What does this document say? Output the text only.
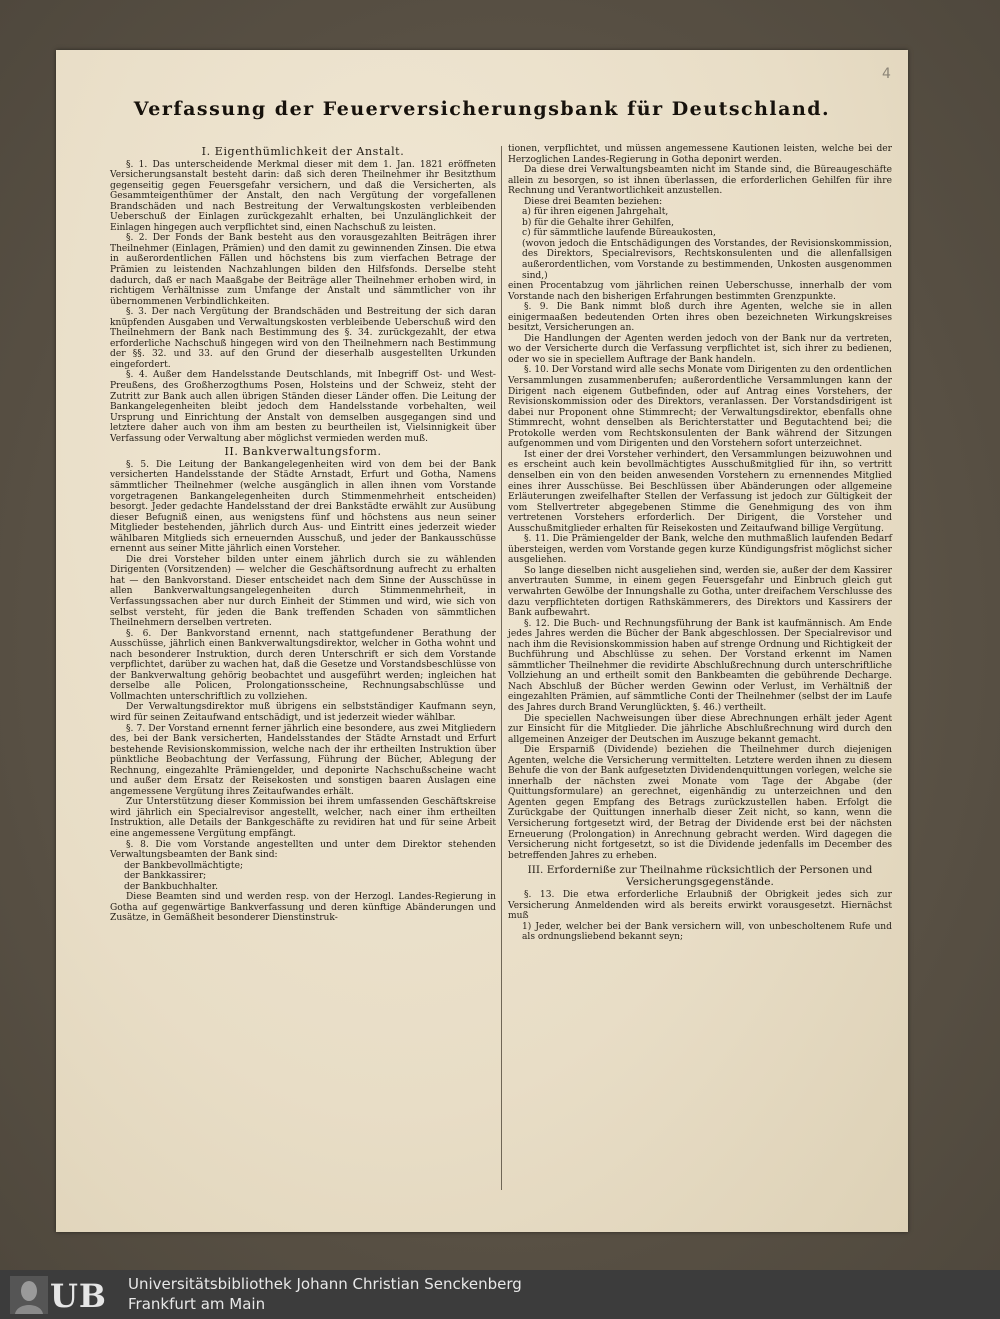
4
Verfassung der Feuerversicherungsbank für Deutschland.
I. Eigenthümlichkeit der Anstalt.
§. 1. Das unterscheidende Merkmal dieser mit dem 1. Jan. 1821 eröffneten Versicherungsanstalt besteht darin: daß sich deren Theilnehmer ihr Besitzthum gegenseitig gegen Feuersgefahr versichern, und daß die Versicherten, als Gesammteigenthümer der Anstalt, den nach Vergütung der vorgefallenen Brandschäden und nach Bestreitung der Verwaltungskosten verbleibenden Ueberschuß der Einlagen zurückgezahlt erhalten, bei Unzulänglichkeit der Einlagen hingegen auch verpflichtet sind, einen Nachschuß zu leisten.
§. 2. Der Fonds der Bank besteht aus den vorausgezahlten Beiträgen ihrer Theilnehmer (Einlagen, Prämien) und den damit zu gewinnenden Zinsen. Die etwa in außerordentlichen Fällen und höchstens bis zum vierfachen Betrage der Prämien zu leistenden Nachzahlungen bilden den Hilfsfonds. Derselbe steht dadurch, daß er nach Maaßgabe der Beiträge aller Theilnehmer erhoben wird, in richtigem Verhältnisse zum Umfange der Anstalt und sämmtlicher von ihr übernommenen Verbindlichkeiten.
§. 3. Der nach Vergütung der Brandschäden und Bestreitung der sich daran knüpfenden Ausgaben und Verwaltungskosten verbleibende Ueberschuß wird den Theilnehmern der Bank nach Bestimmung des §. 34. zurückgezahlt, der etwa erforderliche Nachschuß hingegen wird von den Theilnehmern nach Bestimmung der §§. 32. und 33. auf den Grund der dieserhalb ausgestellten Urkunden eingefordert.
§. 4. Außer dem Handelsstande Deutschlands, mit Inbegriff Ost- und West-Preußens, des Großherzogthums Posen, Holsteins und der Schweiz, steht der Zutritt zur Bank auch allen übrigen Ständen dieser Länder offen. Die Leitung der Bankangelegenheiten bleibt jedoch dem Handelsstande vorbehalten, weil Ursprung und Einrichtung der Anstalt von demselben ausgegangen sind und letztere daher auch von ihm am besten zu beurtheilen ist, Vielsinnigkeit über Verfassung oder Verwaltung aber möglichst vermieden werden muß.
II. Bankverwaltungsform.
§. 5. Die Leitung der Bankangelegenheiten wird von dem bei der Bank versicherten Handelsstande der Städte Arnstadt, Erfurt und Gotha, Namens sämmtlicher Theilnehmer (welche ausgänglich in allen ihnen vom Vorstande vorgetragenen Bankangelegenheiten durch Stimmenmehrheit entscheiden) besorgt. Jeder gedachte Handelsstand der drei Bankstädte erwählt zur Ausübung dieser Befugniß einen, aus wenigstens fünf und höchstens aus neun seiner Mitglieder bestehenden, jährlich durch Aus- und Eintritt eines jederzeit wieder wählbaren Mitglieds sich erneuernden Ausschuß, und jeder der Bankausschüsse ernennt aus seiner Mitte jährlich einen Vorsteher.
Die drei Vorsteher bilden unter einem jährlich durch sie zu wählenden Dirigenten (Vorsitzenden) — welcher die Geschäftsordnung aufrecht zu erhalten hat — den Bankvorstand. Dieser entscheidet nach dem Sinne der Ausschüsse in allen Bankverwaltungsangelegenheiten durch Stimmenmehrheit, in Verfassungssachen aber nur durch Einheit der Stimmen und wird, wie sich von selbst versteht, für jeden die Bank treffenden Schaden von sämmtlichen Theilnehmern derselben vertreten.
§. 6. Der Bankvorstand ernennt, nach stattgefundener Berathung der Ausschüsse, jährlich einen Bankverwaltungsdirektor, welcher in Gotha wohnt und nach besonderer Instruktion, durch deren Unterschrift er sich dem Vorstande verpflichtet, darüber zu wachen hat, daß die Gesetze und Vorstandsbeschlüsse von der Bankverwaltung gehörig beobachtet und ausgeführt werden; ingleichen hat derselbe alle Policen, Prolongationsscheine, Rechnungsabschlüsse und Vollmachten unterschriftlich zu vollziehen.
Der Verwaltungsdirektor muß übrigens ein selbstständiger Kaufmann seyn, wird für seinen Zeitaufwand entschädigt, und ist jederzeit wieder wählbar.
§. 7. Der Vorstand ernennt ferner jährlich eine besondere, aus zwei Mitgliedern des, bei der Bank versicherten, Handelsstandes der Städte Arnstadt und Erfurt bestehende Revisionskommission, welche nach der ihr ertheilten Instruktion über pünktliche Beobachtung der Verfassung, Führung der Bücher, Ablegung der Rechnung, eingezahlte Prämiengelder, und deponirte Nachschußscheine wacht und außer dem Ersatz der Reisekosten und sonstigen baaren Auslagen eine angemessene Vergütung ihres Zeitaufwandes erhält.
Zur Unterstützung dieser Kommission bei ihrem umfassenden Geschäftskreise wird jährlich ein Specialrevisor angestellt, welcher, nach einer ihm ertheilten Instruktion, alle Details der Bankgeschäfte zu revidiren hat und für seine Arbeit eine angemessene Vergütung empfängt.
§. 8. Die vom Vorstande angestellten und unter dem Direktor stehenden Verwaltungsbeamten der Bank sind:
der Bankbevollmächtigte;
der Bankkassirer;
der Bankbuchhalter.
Diese Beamten sind und werden resp. von der Herzogl. Landes-Regierung in Gotha auf gegenwärtige Bankverfassung und deren künftige Abänderungen und Zusätze, in Gemäßheit besonderer Dienstinstruk-
tionen, verpflichtet, und müssen angemessene Kautionen leisten, welche bei der Herzoglichen Landes-Regierung in Gotha deponirt werden.
Da diese drei Verwaltungsbeamten nicht im Stande sind, die Büreaugeschäfte allein zu besorgen, so ist ihnen überlassen, die erforderlichen Gehilfen für ihre Rechnung und Verantwortlichkeit anzustellen.
Diese drei Beamten beziehen:
a) für ihren eigenen Jahrgehalt,
b) für die Gehalte ihrer Gehilfen,
c) für sämmtliche laufende Büreaukosten,
(wovon jedoch die Entschädigungen des Vorstandes, der Revisionskommission, des Direktors, Specialrevisors, Rechtskonsulenten und die allenfallsigen außerordentlichen, vom Vorstande zu bestimmenden, Unkosten ausgenommen sind,)
einen Procentabzug vom jährlichen reinen Ueberschusse, innerhalb der vom Vorstande nach den bisherigen Erfahrungen bestimmten Grenzpunkte.
§. 9. Die Bank nimmt bloß durch ihre Agenten, welche sie in allen einigermaaßen bedeutenden Orten ihres oben bezeichneten Wirkungskreises besitzt, Versicherungen an.
Die Handlungen der Agenten werden jedoch von der Bank nur da vertreten, wo der Versicherte durch die Verfassung verpflichtet ist, sich ihrer zu bedienen, oder wo sie in speciellem Auftrage der Bank handeln.
§. 10. Der Vorstand wird alle sechs Monate vom Dirigenten zu den ordentlichen Versammlungen zusammenberufen; außerordentliche Versammlungen kann der Dirigent nach eigenem Gutbefinden, oder auf Antrag eines Vorstehers, der Revisionskommission oder des Direktors, veranlassen. Der Vorstandsdirigent ist dabei nur Proponent ohne Stimmrecht; der Verwaltungsdirektor, ebenfalls ohne Stimmrecht, wohnt denselben als Berichterstatter und Begutachtend bei; die Protokolle werden vom Rechtskonsulenten der Bank während der Sitzungen aufgenommen und vom Dirigenten und den Vorstehern sofort unterzeichnet.
Ist einer der drei Vorsteher verhindert, den Versammlungen beizuwohnen und es erscheint auch kein bevollmächtigtes Ausschußmitglied für ihn, so vertritt denselben ein von den beiden anwesenden Vorstehern zu ernennendes Mitglied eines ihrer Ausschüsse. Bei Beschlüssen über Abänderungen oder allgemeine Erläuterungen zweifelhafter Stellen der Verfassung ist jedoch zur Gültigkeit der vom Stellvertreter abgegebenen Stimme die Genehmigung des von ihm vertretenen Vorstehers erforderlich. Der Dirigent, die Vorsteher und Ausschußmitglieder erhalten für Reisekosten und Zeitaufwand billige Vergütung.
§. 11. Die Prämiengelder der Bank, welche den muthmaßlich laufenden Bedarf übersteigen, werden vom Vorstande gegen kurze Kündigungsfrist möglichst sicher ausgeliehen.
So lange dieselben nicht ausgeliehen sind, werden sie, außer der dem Kassirer anvertrauten Summe, in einem gegen Feuersgefahr und Einbruch gleich gut verwahrten Gewölbe der Innungshalle zu Gotha, unter dreifachem Verschlusse des dazu verpflichteten dortigen Rathskämmerers, des Direktors und Kassirers der Bank aufbewahrt.
§. 12. Die Buch- und Rechnungsführung der Bank ist kaufmännisch. Am Ende jedes Jahres werden die Bücher der Bank abgeschlossen. Der Specialrevisor und nach ihm die Revisionskommission haben auf strenge Ordnung und Richtigkeit der Buchführung und Abschlüsse zu sehen. Der Vorstand erkennt im Namen sämmtlicher Theilnehmer die revidirte Abschlußrechnung durch unterschriftliche Vollziehung an und ertheilt somit den Bankbeamten die gebührende Decharge. Nach Abschluß der Bücher werden Gewinn oder Verlust, im Verhältniß der eingezahlten Prämien, auf sämmtliche Conti der Theilnehmer (selbst der im Laufe des Jahres durch Brand Verunglückten, §. 46.) vertheilt.
Die speciellen Nachweisungen über diese Abrechnungen erhält jeder Agent zur Einsicht für die Mitglieder. Die jährliche Abschlußrechnung wird durch den allgemeinen Anzeiger der Deutschen im Auszuge bekannt gemacht.
Die Ersparniß (Dividende) beziehen die Theilnehmer durch diejenigen Agenten, welche die Versicherung vermittelten. Letztere werden ihnen zu diesem Behufe die von der Bank aufgesetzten Dividendenquittungen vorlegen, welche sie innerhalb der nächsten zwei Monate vom Tage der Abgabe (der Quittungsformulare) an gerechnet, eigenhändig zu unterzeichnen und den Agenten gegen Empfang des Betrags zurückzustellen haben. Erfolgt die Zurückgabe der Quittungen innerhalb dieser Zeit nicht, so kann, wenn die Versicherung fortgesetzt wird, der Betrag der Dividende erst bei der nächsten Erneuerung (Prolongation) in Anrechnung gebracht werden. Wird dagegen die Versicherung nicht fortgesetzt, so ist die Dividende jedenfalls im December des betreffenden Jahres zu erheben.
III. Erforderniße zur Theilnahme rücksichtlich der Personen und Versicherungsgegenstände.
§. 13. Die etwa erforderliche Erlaubniß der Obrigkeit jedes sich zur Versicherung Anmeldenden wird als bereits erwirkt vorausgesetzt. Hiernächst muß
1) Jeder, welcher bei der Bank versichern will, von unbescholtenem Rufe und als ordnungsliebend bekannt seyn;
UB Universitätsbibliothek Johann Christian Senckenberg
Frankfurt am Main
